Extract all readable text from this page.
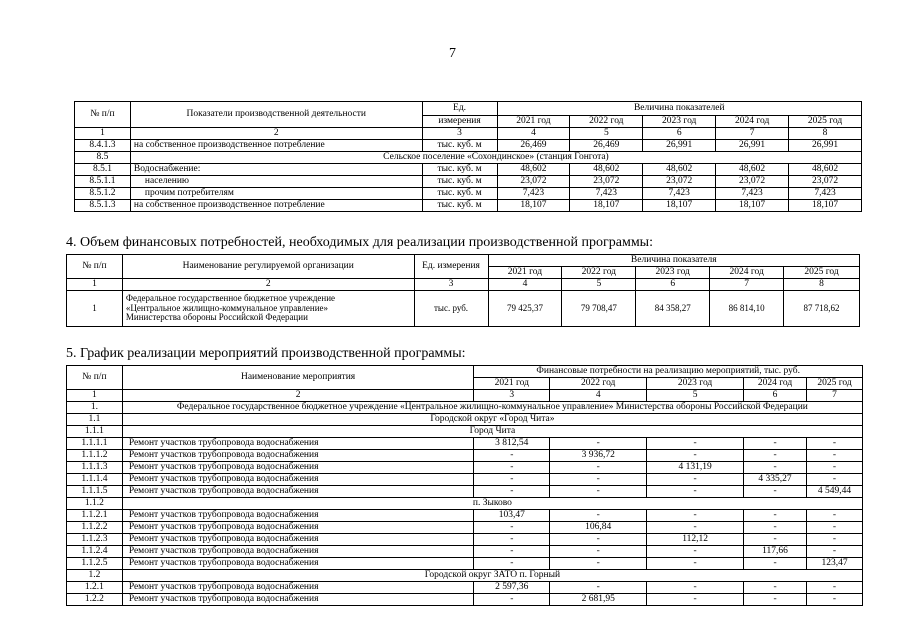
7
№ п/п	Показатели производственной деятельности	Ед.	Величина показателей				
		измерения	2021 год	2022 год	2023 год	2024 год	2025 год
1	2	3	4	5	6	7	8
8.4.1.3	на собственное производственное потребление	тыс. куб. м	26,469	26,469	26,991	26,991	26,991
8.5	Сельское поселение «Сохондинское» (станция Гонгота)						
8.5.1	Водоснабжение:	тыс. куб. м	48,602	48,602	48,602	48,602	48,602
8.5.1.1	населению	тыс. куб. м	23,072	23,072	23,072	23,072	23,072
8.5.1.2	прочим потребителям	тыс. куб. м	7,423	7,423	7,423	7,423	7,423
8.5.1.3	на собственное производственное потребление	тыс. куб. м	18,107	18,107	18,107	18,107	18,107
4. Объем финансовых потребностей, необходимых для реализации производственной программы:
№ п/п	Наименование регулируемой организации	Ед. измерения	Величина показателя				
			2021 год	2022 год	2023 год	2024 год	2025 год
1	2	3	4	5	6	7	8
1	Федеральное государственное бюджетное учреждение
«Центральное жилищно-коммунальное управление»
Министерства обороны Российской Федерации	тыс. руб.	79 425,37	79 708,47	84 358,27	86 814,10	87 718,62
5. График реализации мероприятий производственной программы:
№ п/п	Наименование мероприятия	Финансовые потребности на реализацию мероприятий, тыс. руб.				
		2021 год	2022 год	2023 год	2024 год	2025 год
1	2	3	4	5	6	7
1.	Федеральное государственное бюджетное учреждение «Центральное жилищно-коммунальное управление» Министерства обороны Российской Федерации					
1.1	Городской округ «Город Чита»					
1.1.1	Город Чита					
1.1.1.1	Ремонт участков трубопровода водоснабжения	3 812,54	-	-	-	-
1.1.1.2	Ремонт участков трубопровода водоснабжения	-	3 936,72	-	-	-
1.1.1.3	Ремонт участков трубопровода водоснабжения	-	-	4 131,19	-	-
1.1.1.4	Ремонт участков трубопровода водоснабжения	-	-	-	4 335,27	-
1.1.1.5	Ремонт участков трубопровода водоснабжения	-	-	-	-	4 549,44
1.1.2	п. Зыково					
1.1.2.1	Ремонт участков трубопровода водоснабжения	103,47	-	-	-	-
1.1.2.2	Ремонт участков трубопровода водоснабжения	-	106,84	-	-	-
1.1.2.3	Ремонт участков трубопровода водоснабжения	-	-	112,12	-	-
1.1.2.4	Ремонт участков трубопровода водоснабжения	-	-	-	117,66	-
1.1.2.5	Ремонт участков трубопровода водоснабжения	-	-	-	-	123,47
1.2	Городской округ ЗАТО п. Горный					
1.2.1	Ремонт участков трубопровода водоснабжения	2 597,36	-	-	-	-
1.2.2	Ремонт участков трубопровода водоснабжения	-	2 681,95	-	-	-
